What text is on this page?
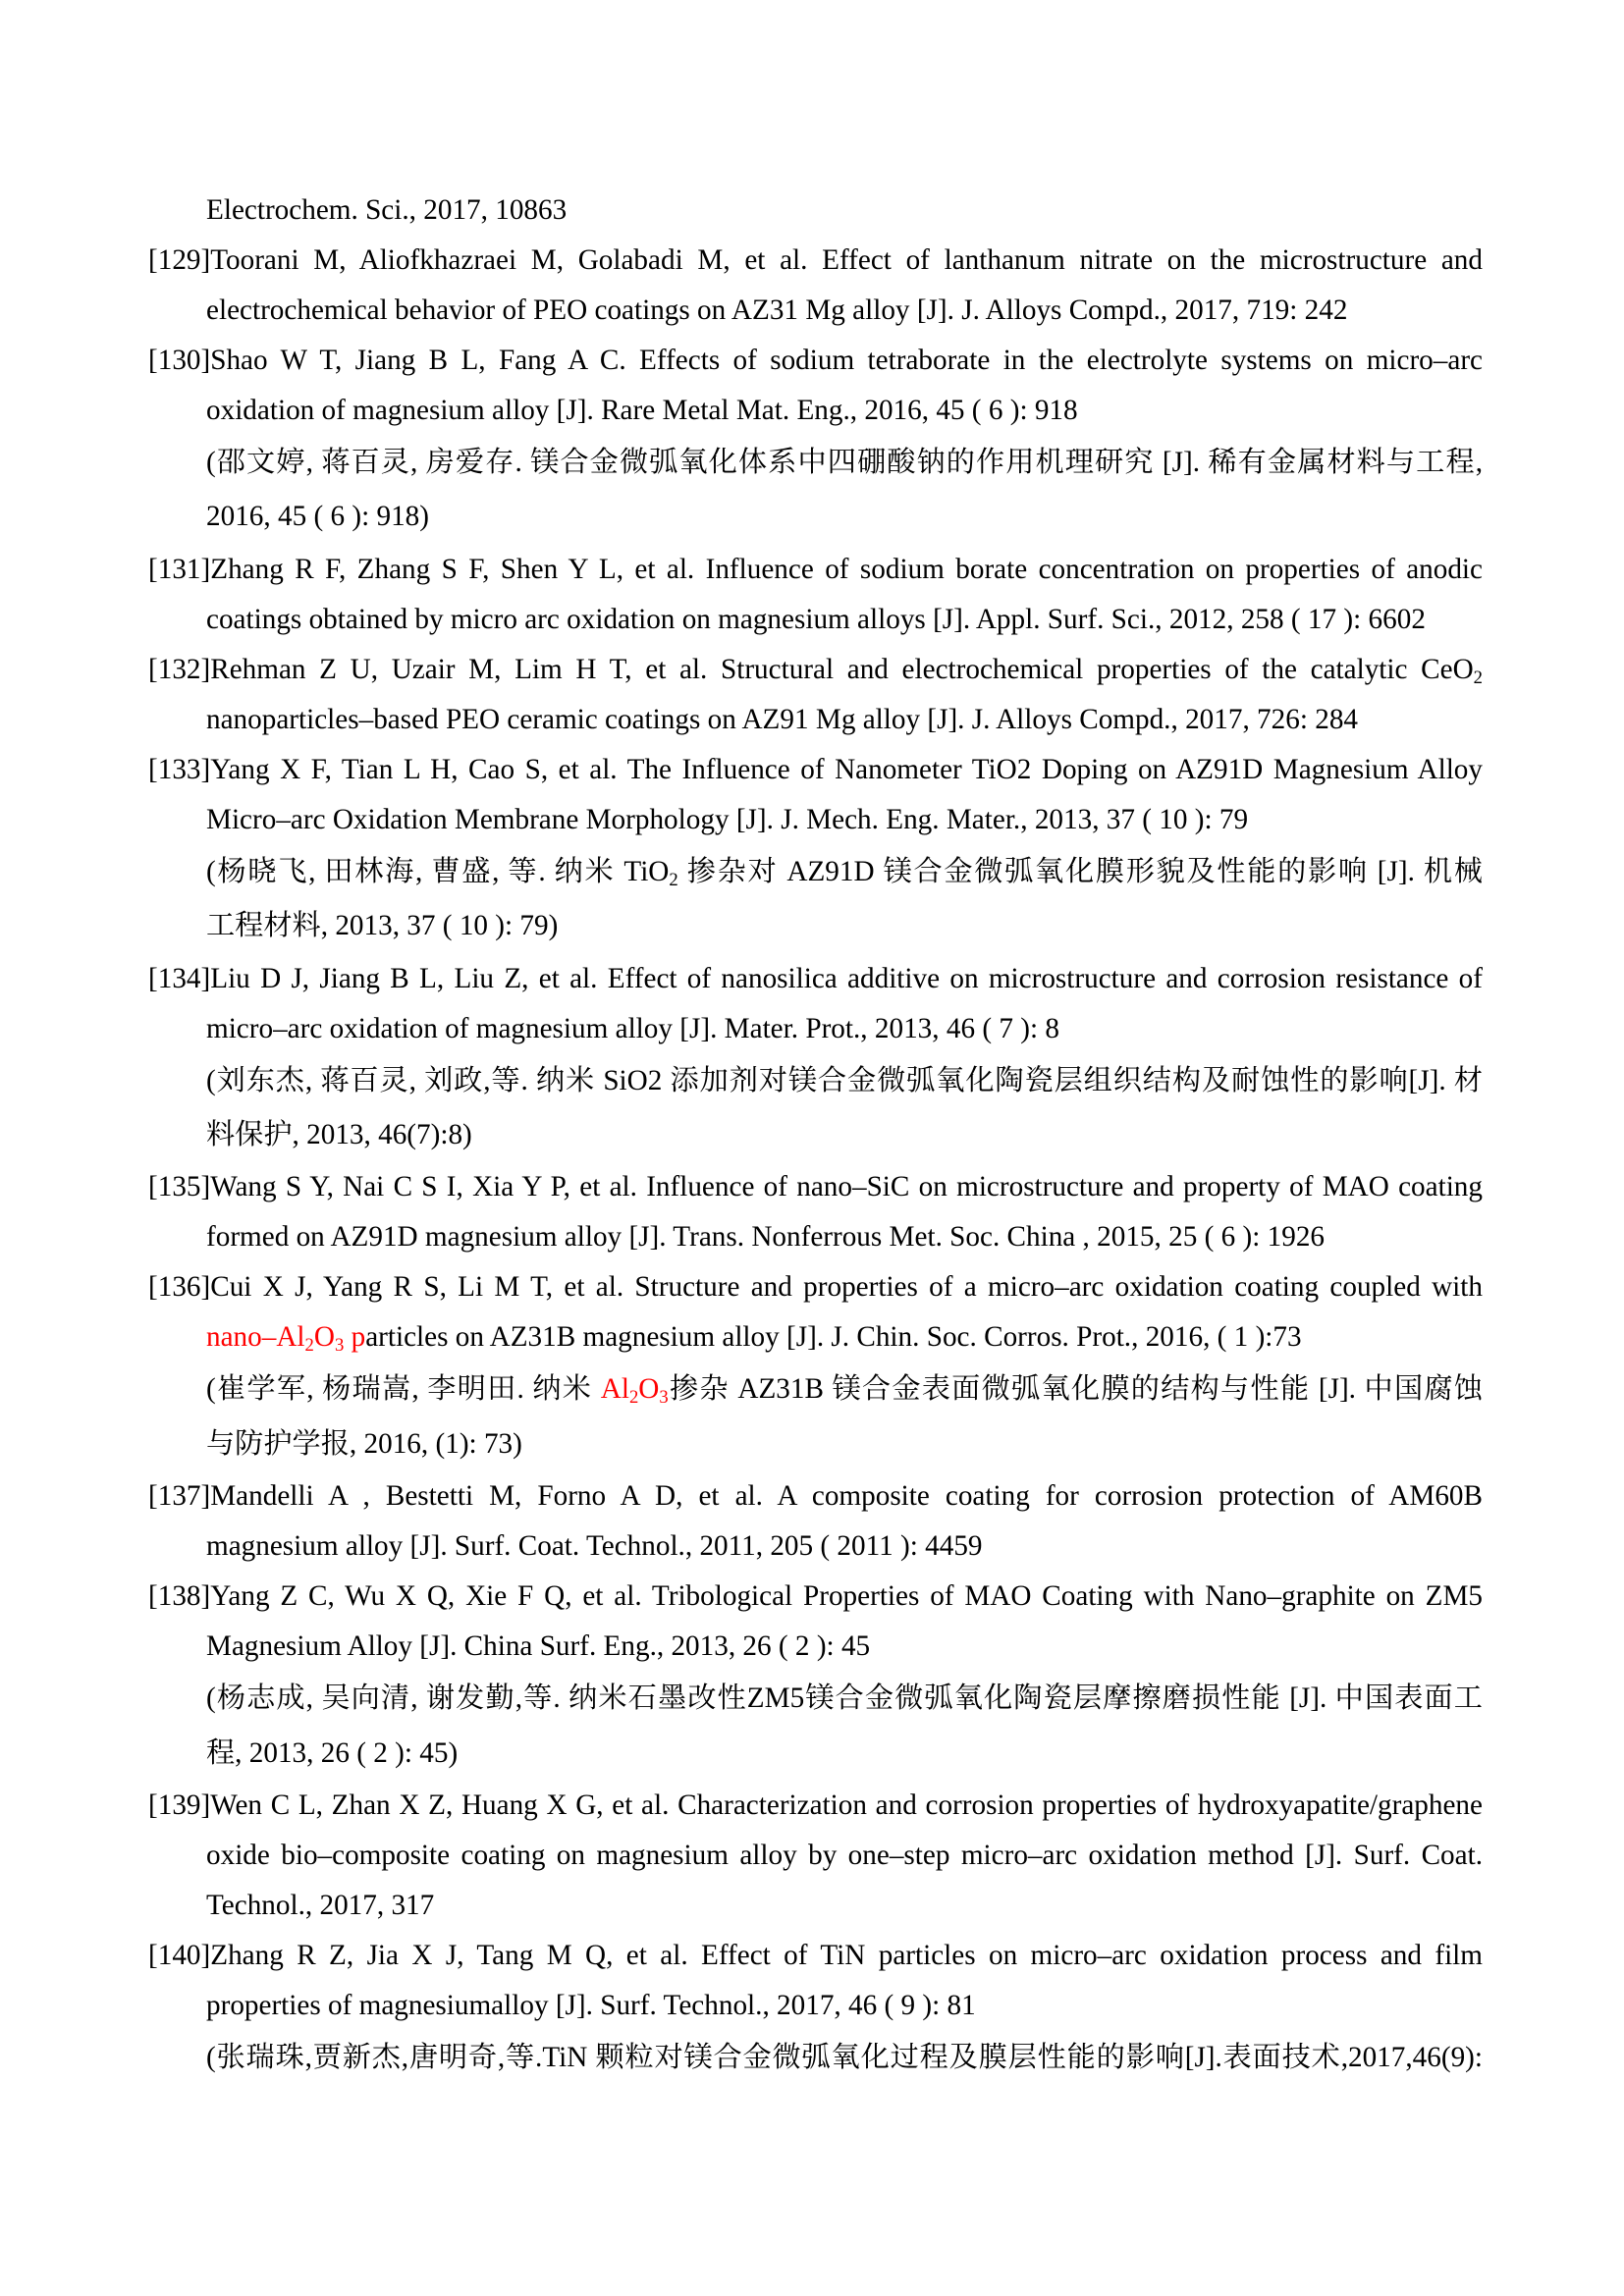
Electrochem. Sci., 2017, 10863
[129]Toorani M, Aliofkhazraei M, Golabadi M, et al. Effect of lanthanum nitrate on the microstructure and
electrochemical behavior of PEO coatings on AZ31 Mg alloy [J]. J. Alloys Compd., 2017, 719: 242
[130]Shao W T, Jiang B L, Fang A C. Effects of sodium tetraborate in the electrolyte systems on micro–arc
oxidation of magnesium alloy [J]. Rare Metal Mat. Eng., 2016, 45 ( 6 ): 918
(邵文婷, 蒋百灵, 房爱存. 镁合金微弧氧化体系中四硼酸钠的作用机理研究 [J]. 稀有金属材料与工程,
2016, 45 ( 6 ): 918)
[131]Zhang R F, Zhang S F, Shen Y L, et al. Influence of sodium borate concentration on properties of anodic
coatings obtained by micro arc oxidation on magnesium alloys [J]. Appl. Surf. Sci., 2012, 258 ( 17 ): 6602
[132]Rehman Z U, Uzair M, Lim H T, et al. Structural and electrochemical properties of the catalytic CeO$_2$
nanoparticles–based PEO ceramic coatings on AZ91 Mg alloy [J]. J. Alloys Compd., 2017, 726: 284
[133]Yang X F, Tian L H, Cao S, et al. The Influence of Nanometer TiO2 Doping on AZ91D Magnesium Alloy
Micro–arc Oxidation Membrane Morphology [J]. J. Mech. Eng. Mater., 2013, 37 ( 10 ): 79
(杨晓飞, 田林海, 曹盛, 等. 纳米 TiO$_2$ 掺杂对 AZ91D 镁合金微弧氧化膜形貌及性能的影响 [J]. 机械
工程材料, 2013, 37 ( 10 ): 79)
[134]Liu D J, Jiang B L, Liu Z, et al. Effect of nanosilica additive on microstructure and corrosion resistance of
micro–arc oxidation of magnesium alloy [J]. Mater. Prot., 2013, 46 ( 7 ): 8
(刘东杰, 蒋百灵, 刘政,等. 纳米 SiO2 添加剂对镁合金微弧氧化陶瓷层组织结构及耐蚀性的影响[J]. 材
料保护, 2013, 46(7):8)
[135]Wang S Y, Nai C S I, Xia Y P, et al. Influence of nano–SiC on microstructure and property of MAO coating
formed on AZ91D magnesium alloy [J]. Trans. Nonferrous Met. Soc. China , 2015, 25 ( 6 ): 1926
[136]Cui X J, Yang R S, Li M T, et al. Structure and properties of a micro–arc oxidation coating coupled with
nano–$Al_2O_3$ particles on AZ31B magnesium alloy [J]. J. Chin. Soc. Corros. Prot., 2016, ( 1 ):73
(崔学军, 杨瑞嵩, 李明田. 纳米 $Al_2O_3$掺杂 AZ31B 镁合金表面微弧氧化膜的结构与性能 [J]. 中国腐蚀
与防护学报, 2016, (1): 73)
[137]Mandelli A , Bestetti M, Forno A D, et al. A composite coating for corrosion protection of AM60B
magnesium alloy [J]. Surf. Coat. Technol., 2011, 205 ( 2011 ): 4459
[138]Yang Z C, Wu X Q, Xie F Q, et al. Tribological Properties of MAO Coating with Nano–graphite on ZM5
Magnesium Alloy [J]. China Surf. Eng., 2013, 26 ( 2 ): 45
(杨志成, 吴向清, 谢发勤,等. 纳米石墨改性ZM5镁合金微弧氧化陶瓷层摩擦磨损性能 [J]. 中国表面工
程, 2013, 26 ( 2 ): 45)
[139]Wen C L, Zhan X Z, Huang X G, et al. Characterization and corrosion properties of hydroxyapatite/graphene
oxide bio–composite coating on magnesium alloy by one–step micro–arc oxidation method [J]. Surf. Coat.
Technol., 2017, 317
[140]Zhang R Z, Jia X J, Tang M Q, et al. Effect of TiN particles on micro–arc oxidation process and film
properties of magnesiumalloy [J]. Surf. Technol., 2017, 46 ( 9 ): 81
(张瑞珠,贾新杰,唐明奇,等.TiN 颗粒对镁合金微弧氧化过程及膜层性能的影响[J].表面技术,2017,46(9):
